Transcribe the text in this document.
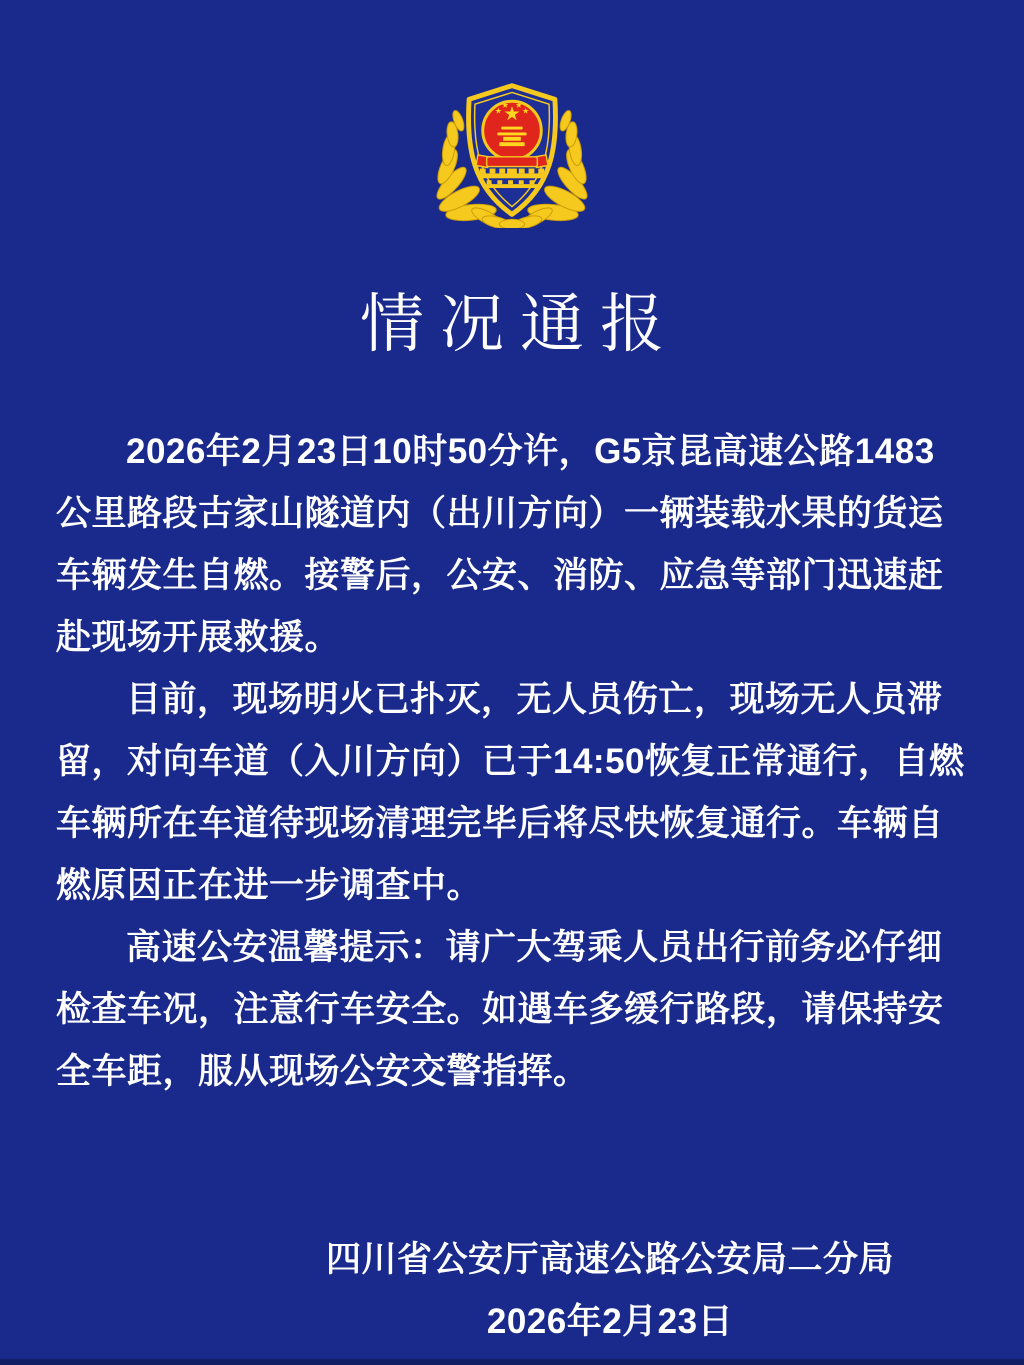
情况通报

2026年2月23日10时50分许，G5京昆高速公路1483公里路段古家山隧道内（出川方向）一辆装载水果的货运车辆发生自燃。接警后，公安、消防、应急等部门迅速赶赴现场开展救援。

目前，现场明火已扑灭，无人员伤亡，现场无人员滞留，对向车道（入川方向）已于14:50恢复正常通行，自燃车辆所在车道待现场清理完毕后将尽快恢复通行。车辆自燃原因正在进一步调查中。

高速公安温馨提示：请广大驾乘人员出行前务必仔细检查车况，注意行车安全。如遇车多缓行路段，请保持安全车距，服从现场公安交警指挥。

四川省公安厅高速公路公安局二分局
2026年2月23日
